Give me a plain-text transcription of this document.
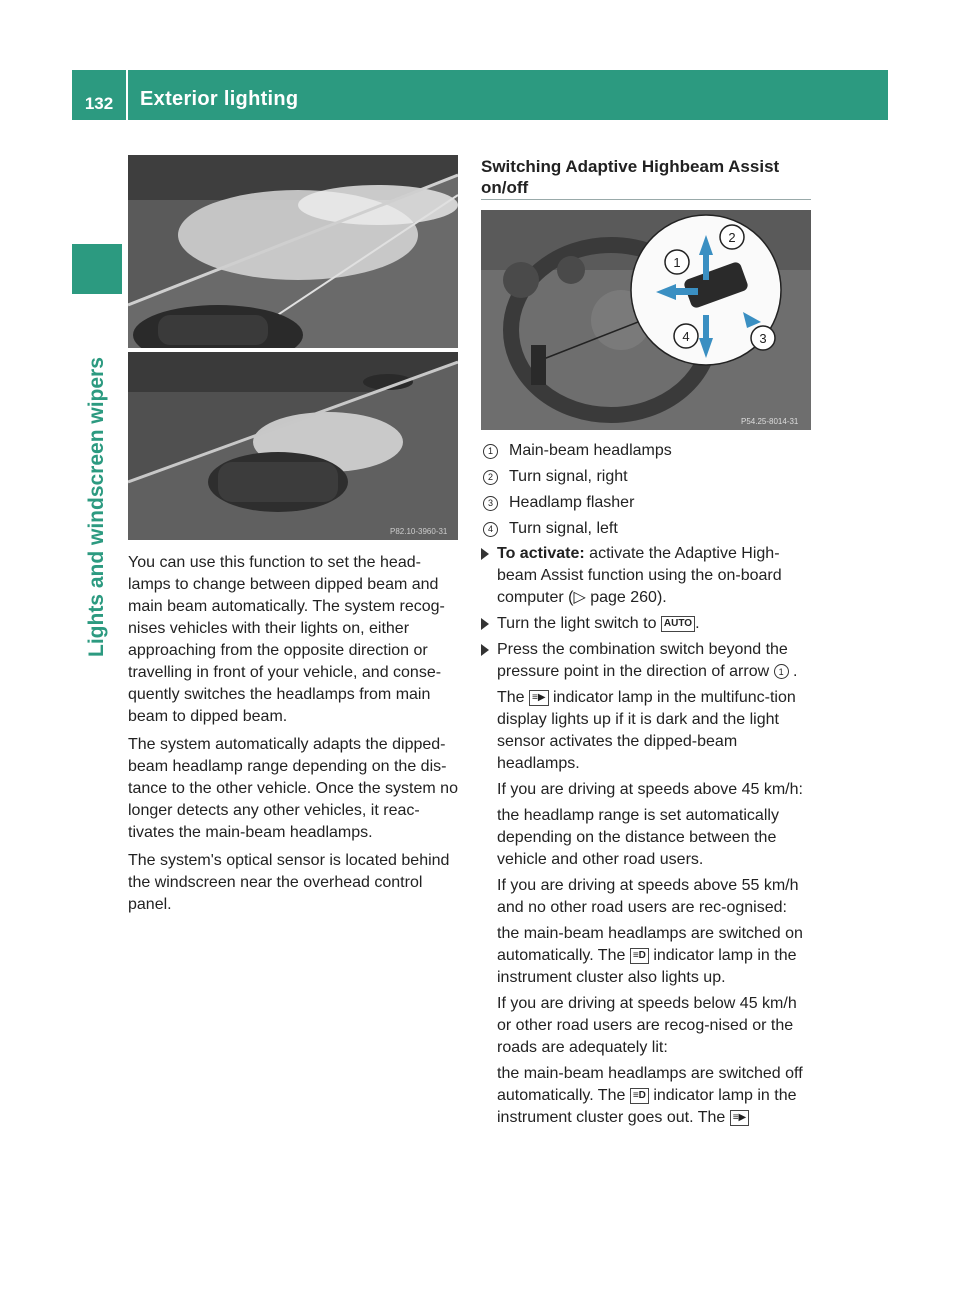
132	Exterior lighting
Lights and windscreen wipers	P82.10-3960-31

You can use this function to set the head-lamps to change between dipped beam and main beam automatically. The system recog-nises vehicles with their lights on, either approaching from the opposite direction or travelling in front of your vehicle, and conse-quently switches the headlamps from main beam to dipped beam.

The system automatically adapts the dipped-beam headlamp range depending on the dis-tance to the other vehicle. Once the system no longer detects any other vehicles, it reac-tivates the main-beam headlamps.

The system's optical sensor is located behind the windscreen near the overhead control panel.

Switching Adaptive Highbeam Assist on/off
1
2
3
4
P54.25-8014-31
1	Main-beam headlamps
2	Turn signal, right
3	Headlamp flasher
4	Turn signal, left
To activate: activate the Adaptive High-beam Assist function using the on-board computer (▷ page 260).
Turn the light switch to AUTO .
Press the combination switch beyond the pressure point in the direction of arrow 1 .
The ≡▶ indicator lamp in the multifunc-tion display lights up if it is dark and the light sensor activates the dipped-beam headlamps.
If you are driving at speeds above 45 km/h:
the headlamp range is set automatically depending on the distance between the vehicle and other road users.
If you are driving at speeds above 55 km/h and no other road users are rec-ognised:
the main-beam headlamps are switched on automatically. The ≡D indicator lamp in the instrument cluster also lights up.
If you are driving at speeds below 45 km/h or other road users are recog-nised or the roads are adequately lit:
the main-beam headlamps are switched off automatically. The ≡D indicator lamp in the instrument cluster goes out. The ≡▶
